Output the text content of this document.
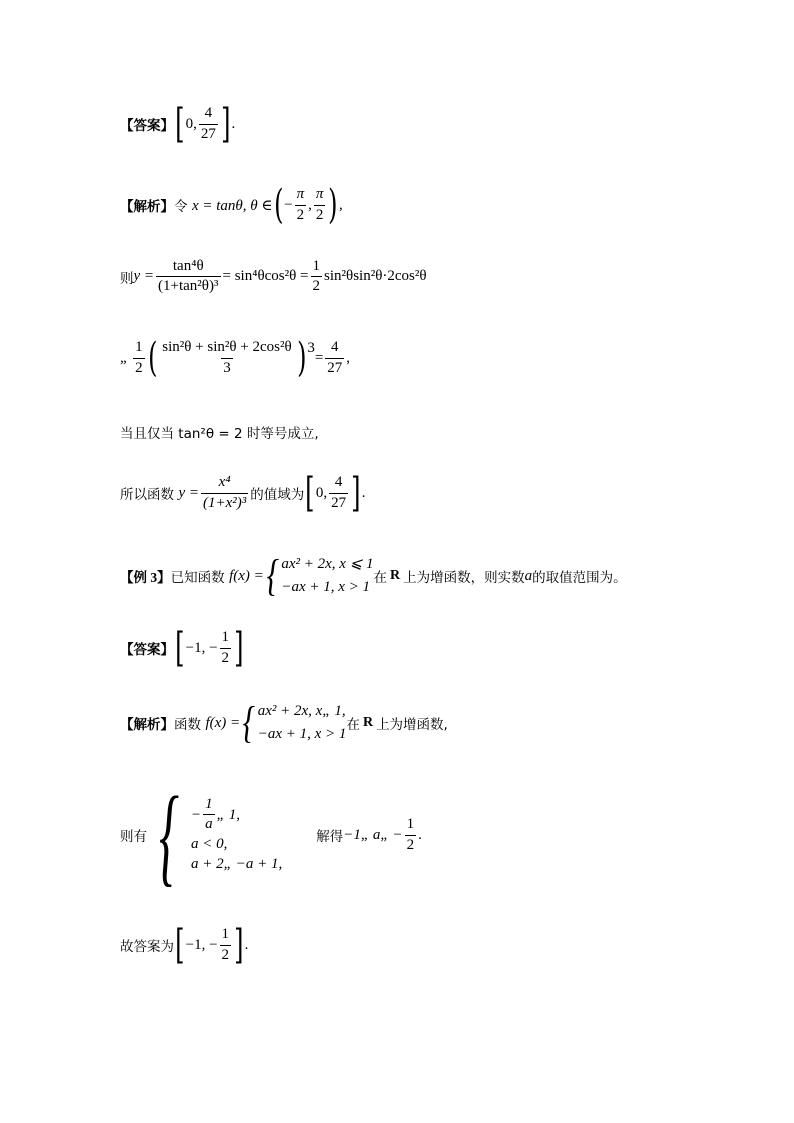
【答案】 [ 0, $\frac{4}{27}$ ] .
【解析】 令
x = tanθ, θ ∈ ( − $\frac{\pi}{2}$ , $\frac{\pi}{2}$ ) ,
则 $y = \frac{\text{tan⁴θ}}{\text{(1+tan²θ)³}} = \sin^4\theta\cos^2\theta = \frac{1}{2} \sin^2\theta\sin^2\theta\cdot 2\cos^2\theta$
„
$\frac{1}{2}$ ( $\frac{\text{sin²θ + sin²θ + 2cos²θ}}{3}$ ) 3
= $\frac{4}{27}$ ,
当且仅当 tan²θ = 2 时等号成立,
所以函数
$y = \frac{\text{x⁴}}{\text{(1+x²)³}}$ 的值域为 [ 0, $\frac{4}{27}$ ] .
【例 3】 已知函数
f(x) = { ax² + 2x, x ⩽ 1
−ax + 1, x > 1
在 R 上为增函数，则实数 a 的取值范围为。
【答案】 [ −1, − $\frac{1}{2}$ ]
【解析】 函数
f(x) = { ax² + 2x, x„ 1,
−ax + 1, x > 1
在 R 上为增函数,
则有 { − $\frac{1}{a}$ „ 1,
a < 0,
a + 2„ −a + 1,
解得 −1„ a„ − $\frac{1}{2}$ .
故答案为 [ −1, − $\frac{1}{2}$ ] .
